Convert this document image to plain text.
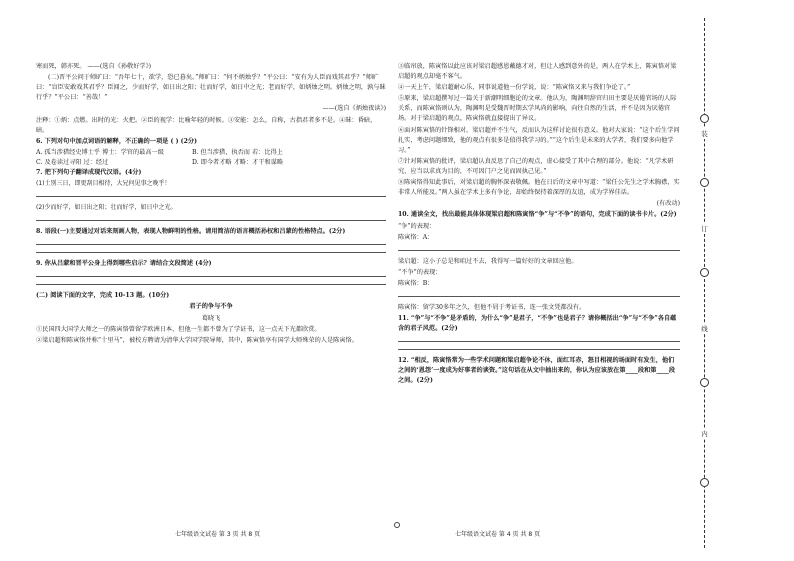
寒而死，韩亦死。 ——(选自《孙敬好学》)

(二)晋平公问于师旷曰：“吾年七十，欲学，恐已暮矣。”师旷曰：“何不炳烛乎？”平公曰：“安有为人臣而戏其君乎？”师旷曰：“盲臣安敢戏其君乎？臣闻之，少而好学，如日出之阳；壮而好学，如日中之光；老而好学，如炳烛之明。炳烛之明，孰与昧行乎？”平公曰：“善哉！”

——(选自《炳烛夜读》)

注释：①炳：点燃。出时的光：火把。②臣的视学：比喻年轻的时候。③安能：怎么，自称，古指君者多不是。④昧：昏暗，暗。

6. 下列对句中加点词语的解释，不正确的一项是 ( ) (2分)

A. 孤当涉猎经史博士乎 博士：学官的最高一级	B. 但当涉猎，执否而 若：比得上
C. 及卷读过寻阳 过：经过	D. 即今者才略 才略：才干和谋略

7. 把下列句子翻译成现代汉语。(4分)

(1)士别三日，即更刮目相待，大兄何见事之晚乎！

(2)少而好学，如日出之阳；壮而好学，如日中之光。

8. 语段(一)主要通过对话来刻画人物，表现人物鲜明的性格。请用简洁的语言概括孙权和吕蒙的性格特点。(2分)

9. 你从吕蒙和晋平公身上得到哪些启示？请结合文段简述 (4分)

(二) 阅读下面的文字，完成 10-13 题。(10分)

君子的争与不争

葛晓飞

①民国四大国学大师之一的陈寅恪曾留学欧洲日本，但他一生都不曾为了学证书，这一点天下光都欣赏。

②梁启超和陈寅恪并称“十里马”，被校方聘请为清华大学国学院导师，其中，陈寅恪享有国学大师殊荣的人是陈寅恪。

③临帘放，陈寅恪以此应该对梁启超感恩戴德才对，但让人感到意外的是，两人在学术上，陈寅恪对梁启超的观点却毫不客气。

④一天上午，梁启超耐心乐，同事说道他一份学说，说：“陈寅恪又来与我们争论了。”

⑤原来，梁启超撰写过一篇关于新潮明细胞论的文章。他认为，陶渊明辞官归田主要是厌倦官场的人际关系，而陈寅恪则认为，陶渊明是受魏晋时期玄学风尚的影响，向往自然的生活，并不是因为厌倦官场。对于梁启超的观点，陈寅恪就直接提出了异议。

⑥面对陈寅恪的针锋相对，梁启超并不生气，反而认为这样讨论很有意义。他对大家说：“这个后生学问扎实，考虑问题细致，他的观点有很多是值得我学习的。”“这个后生是未来的大学者，我们要多向他学习。”

⑦针对陈寅恪的批评，梁启超认真反思了自己的观点，虚心接受了其中合理的部分。他说：“凡学术研究，应当以求真为目的，不可因门户之见而固执己见。”

⑧陈寅恪得知此事后，对梁启超的胸怀深表敬佩。他在日后的文章中写道：“梁任公先生之学术胸襟，实非常人所能及。”两人虽在学术上多有争论，却始终保持着深厚的友谊，成为学界佳话。

(有改动)

10. 通读全文，找出最能具体体现梁启超和陈寅恪“争”与“不争”的语句，完成下面的读书卡片。(2分)

“争”的表现：

陈寅恪：A：

梁启超：这小子总是和咱过不去，我得写一篇好好的文章回应他。

“不争”的表现：

陈寅恪：B：

陈寅恪：留学30多年之久，但他不屑于考证书，连一张文凭都没有。

11. “争”与“不争”是矛盾的，为什么“争”是君子，“不争”也是君子？请你概括出“争”与“不争”各自蕴含的君子风范。(2分)

12. “相反，陈寅恪常为一些学术问题和梁启超争论不休，面红耳赤，怒目相视的场面时有发生，他们之间的‘恩怨’一度成为好事者的谈资。”这句话在从文中抽出来的，你认为应该放在第____段和第____段之间。(2分)

七年级语文试卷 第 3 页 共 8 页	七年级语文试卷 第 4 页 共 8 页
装
订
线
内
